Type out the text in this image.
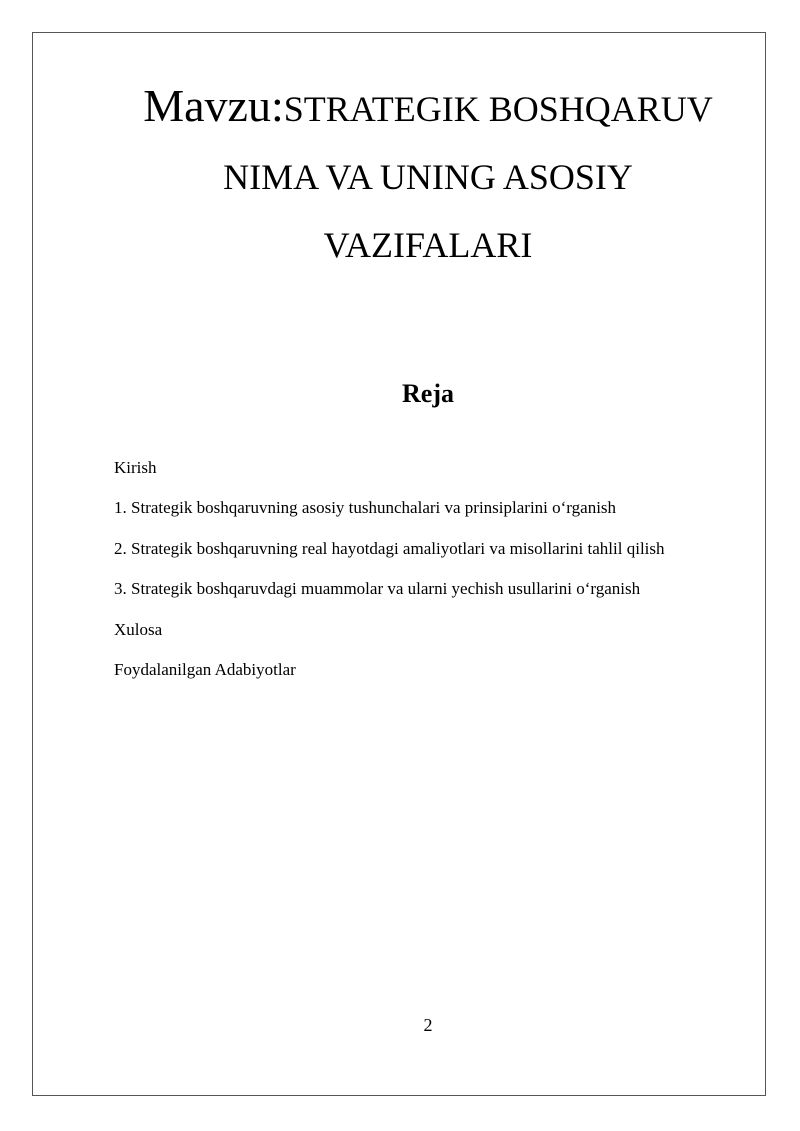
Mavzu:STRATEGIK BOSHQARUV
NIMA VA UNING ASOSIY
VAZIFALARI
Reja
Kirish
1. Strategik boshqaruvning asosiy tushunchalari va prinsiplarini o‘rganish
2. Strategik boshqaruvning real hayotdagi amaliyotlari va misollarini tahlil qilish
3. Strategik boshqaruvdagi muammolar va ularni yechish usullarini o‘rganish
Xulosa
Foydalanilgan Adabiyotlar
2
